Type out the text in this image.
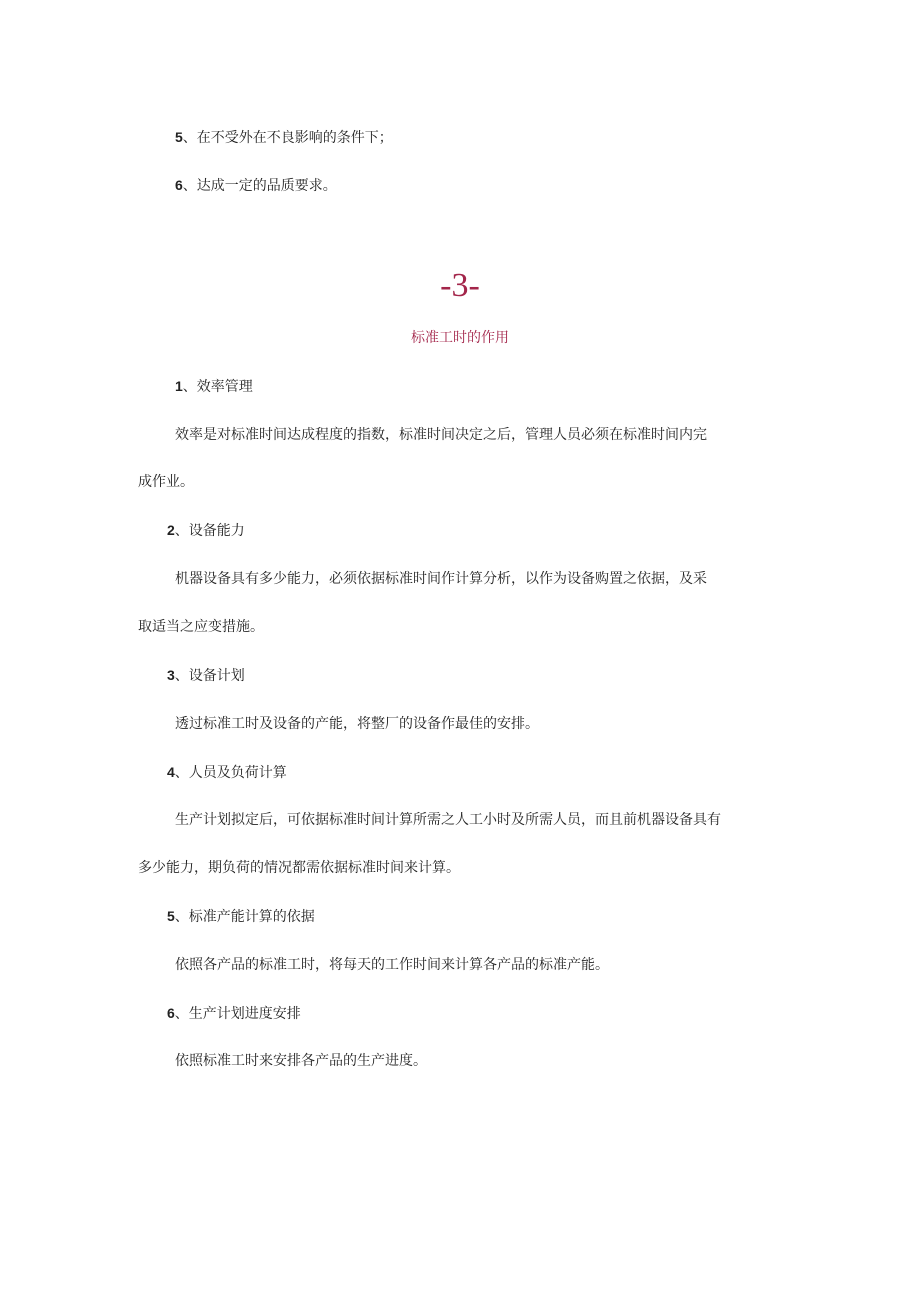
5、在不受外在不良影响的条件下；
6、达成一定的品质要求。
-3-
标准工时的作用
1、效率管理
效率是对标准时间达成程度的指数，标准时间决定之后，管理人员必须在标准时间内完
成作业。
2、设备能力
机器设备具有多少能力，必须依据标准时间作计算分析，以作为设备购置之依据，及采
取适当之应变措施。
3、设备计划
透过标准工时及设备的产能，将整厂的设备作最佳的安排。
4、人员及负荷计算
生产计划拟定后，可依据标准时间计算所需之人工小时及所需人员，而且前机器设备具有
多少能力，期负荷的情况都需依据标准时间来计算。
5、标准产能计算的依据
依照各产品的标准工时，将每天的工作时间来计算各产品的标准产能。
6、生产计划进度安排
依照标准工时来安排各产品的生产进度。
